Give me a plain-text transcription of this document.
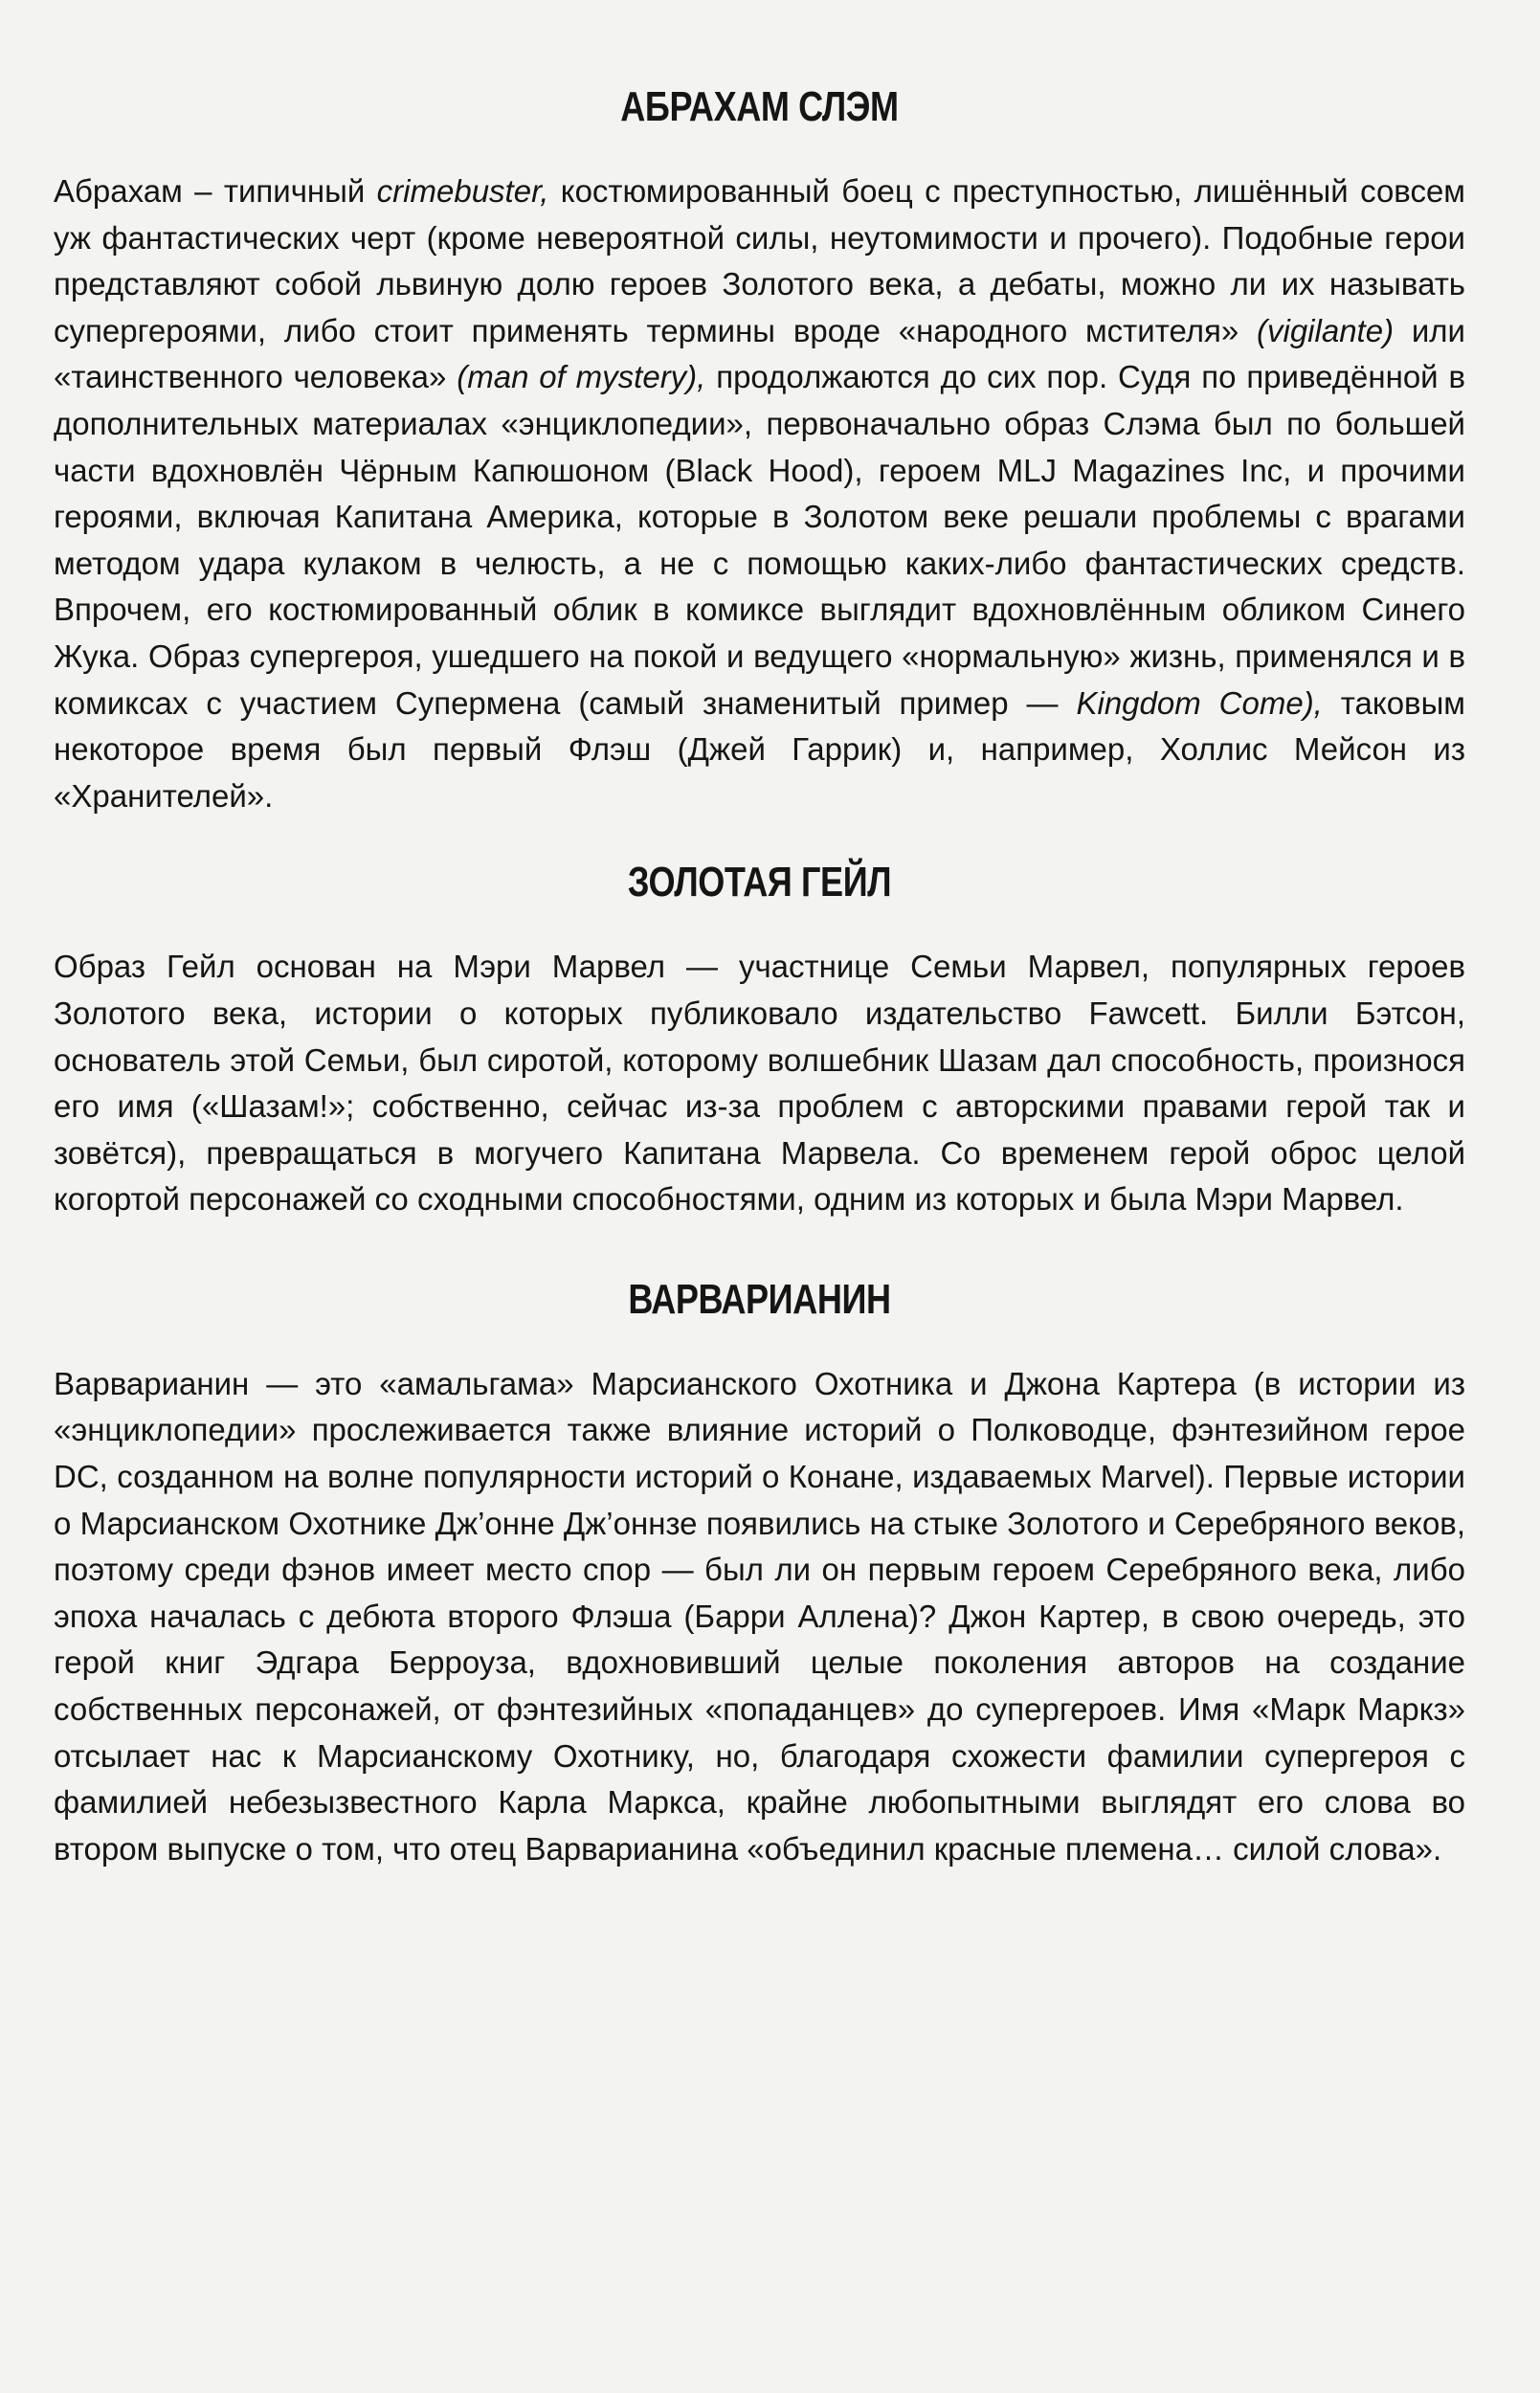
АБРАХАМ СЛЭМ

Абрахам – типичный crimebuster, костюмированный боец с преступностью, лишённый совсем уж фантастических черт (кроме невероятной силы, неутомимости и прочего). Подобные герои представляют собой львиную долю героев Золотого века, а дебаты, можно ли их называть супергероями, либо стоит применять термины вроде «народного мстителя» (vigilante) или «таинственного человека» (man of mystery), продолжаются до сих пор. Судя по приведённой в дополнительных материалах «энциклопедии», первоначально образ Слэма был по большей части вдохновлён Чёрным Капюшоном (Black Hood), героем MLJ Magazines Inc, и прочими героями, включая Капитана Америка, которые в Золотом веке решали проблемы с врагами методом удара кулаком в челюсть, а не с помощью каких-либо фантастических средств. Впрочем, его костюмированный облик в комиксе выглядит вдохновлённым обликом Синего Жука. Образ супергероя, ушедшего на покой и ведущего «нормальную» жизнь, применялся и в комиксах с участием Супермена (самый знаменитый пример — Kingdom Come), таковым некоторое время был первый Флэш (Джей Гаррик) и, например, Холлис Мейсон из «Хранителей».

ЗОЛОТАЯ ГЕЙЛ

Образ Гейл основан на Мэри Марвел — участнице Семьи Марвел, популярных героев Золотого века, истории о которых публиковало издательство Fawcett. Билли Бэтсон, основатель этой Семьи, был сиротой, которому волшебник Шазам дал способность, произнося его имя («Шазам!»; собственно, сейчас из-за проблем с авторскими правами герой так и зовётся), превращаться в могучего Капитана Марвела. Со временем герой оброс целой когортой персонажей со сходными способностями, одним из которых и была Мэри Марвел.

ВАРВАРИАНИН

Варварианин — это «амальгама» Марсианского Охотника и Джона Картера (в истории из «энциклопедии» прослеживается также влияние историй о Полководце, фэнтезийном герое DC, созданном на волне популярности историй о Конане, издаваемых Marvel). Первые истории о Марсианском Охотнике Дж’онне Дж’оннзе появились на стыке Золотого и Серебряного веков, поэтому среди фэнов имеет место спор — был ли он первым героем Серебряного века, либо эпоха началась с дебюта второго Флэша (Барри Аллена)? Джон Картер, в свою очередь, это герой книг Эдгара Берроуза, вдохновивший целые поколения авторов на создание собственных персонажей, от фэнтезийных «попаданцев» до супергероев. Имя «Марк Маркз» отсылает нас к Марсианскому Охотнику, но, благодаря схожести фамилии супергероя с фамилией небезызвестного Карла Маркса, крайне любопытными выглядят его слова во втором выпуске о том, что отец Варварианина «объединил красные племена… силой слова».
